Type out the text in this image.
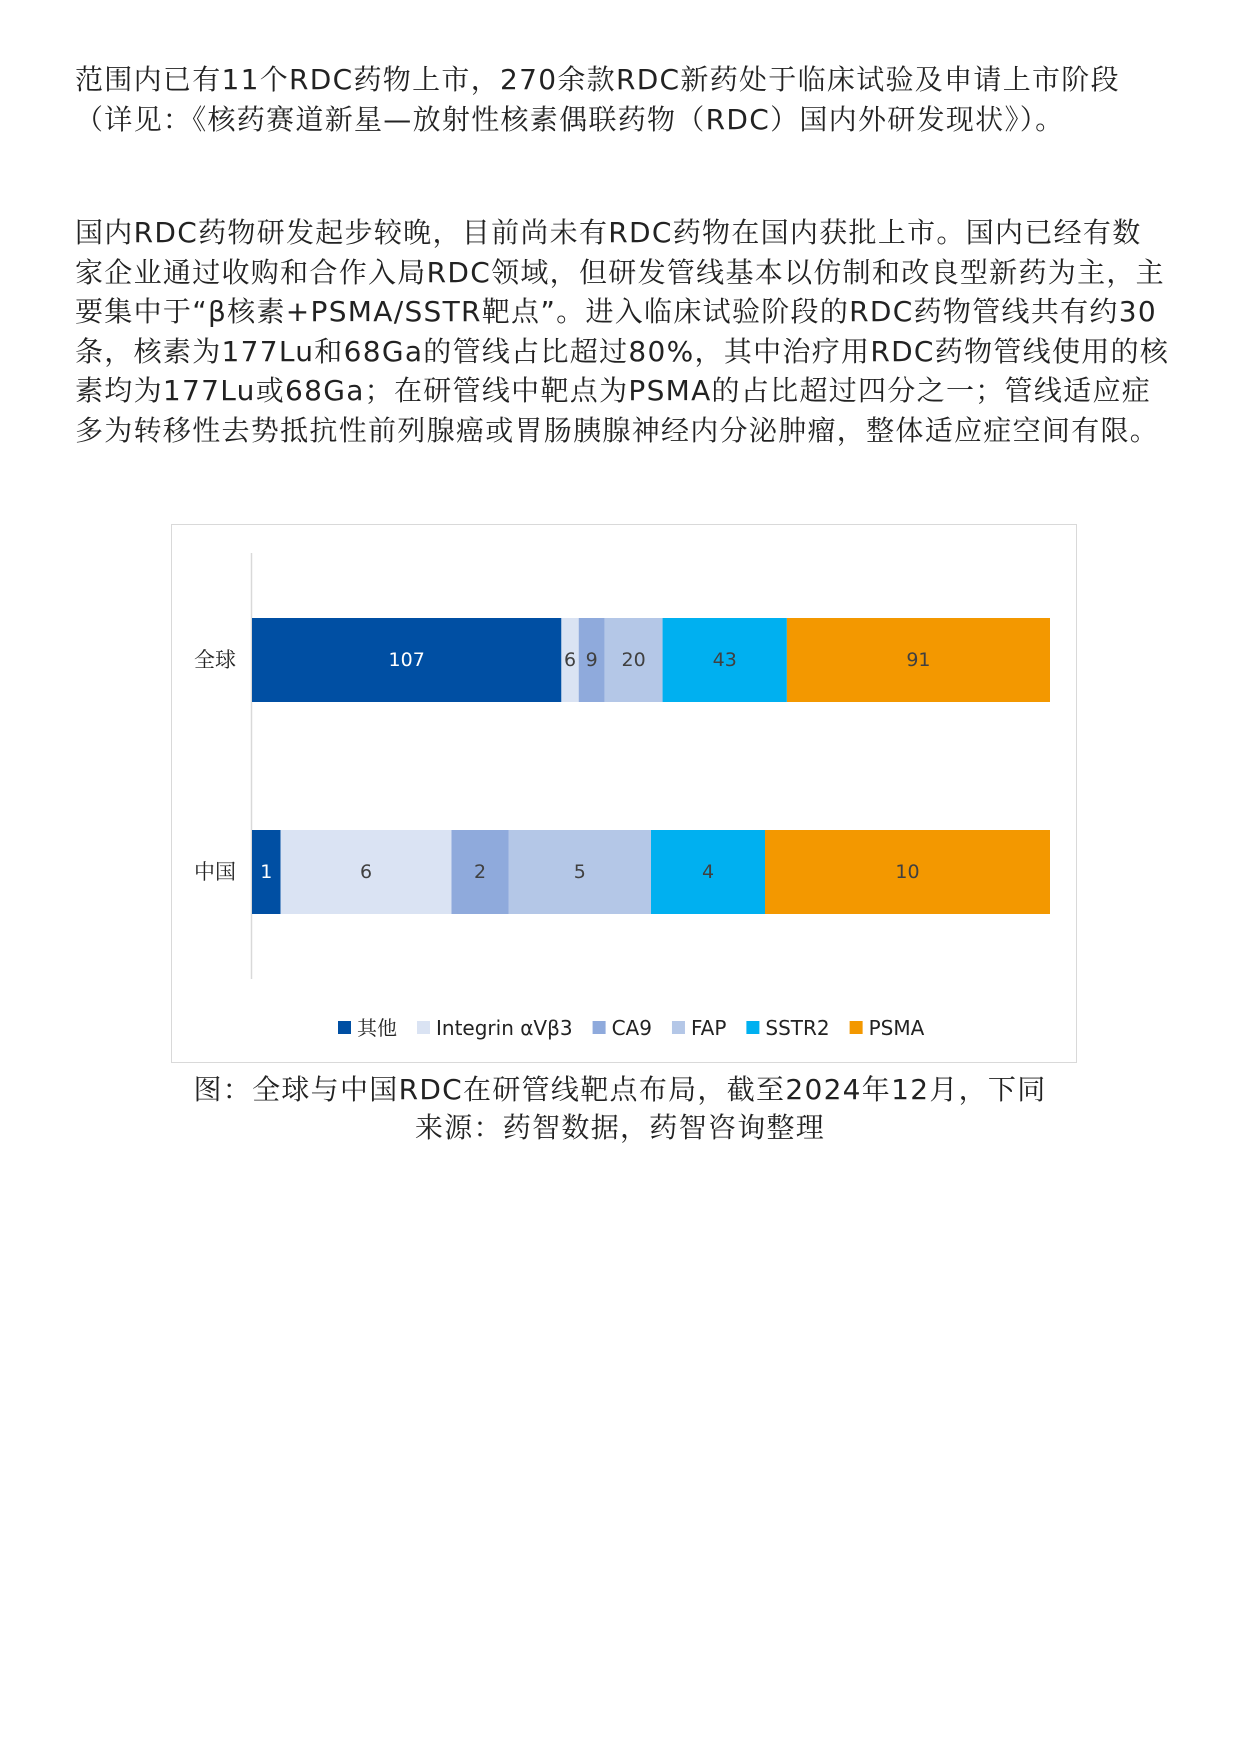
范围内已有11个RDC药物上市，270余款RDC新药处于临床试验及申请上市阶段（详见：《核药赛道新星—放射性核素偶联药物（RDC）国内外研发现状》）。

国内RDC药物研发起步较晚，目前尚未有RDC药物在国内获批上市。国内已经有数家企业通过收购和合作入局RDC领域，但研发管线基本以仿制和改良型新药为主，主要集中于“β核素+PSMA/SSTR靶点”。进入临床试验阶段的RDC药物管线共有约30条，核素为177Lu和68Ga的管线占比超过80%，其中治疗用RDC药物管线使用的核素均为177Lu或68Ga；在研管线中靶点为PSMA的占比超过四分之一；管线适应症多为转移性去势抵抗性前列腺癌或胃肠胰腺神经内分泌肿瘤，整体适应症空间有限。

全球	107	6 9 20	43	91
中国 1	6	2	5	4	10
其他 Integrin αVβ3 CA9 FAP SSTR2 PSMA

图：全球与中国RDC在研管线靶点布局，截至2024年12月，下同

来源：药智数据，药智咨询整理
